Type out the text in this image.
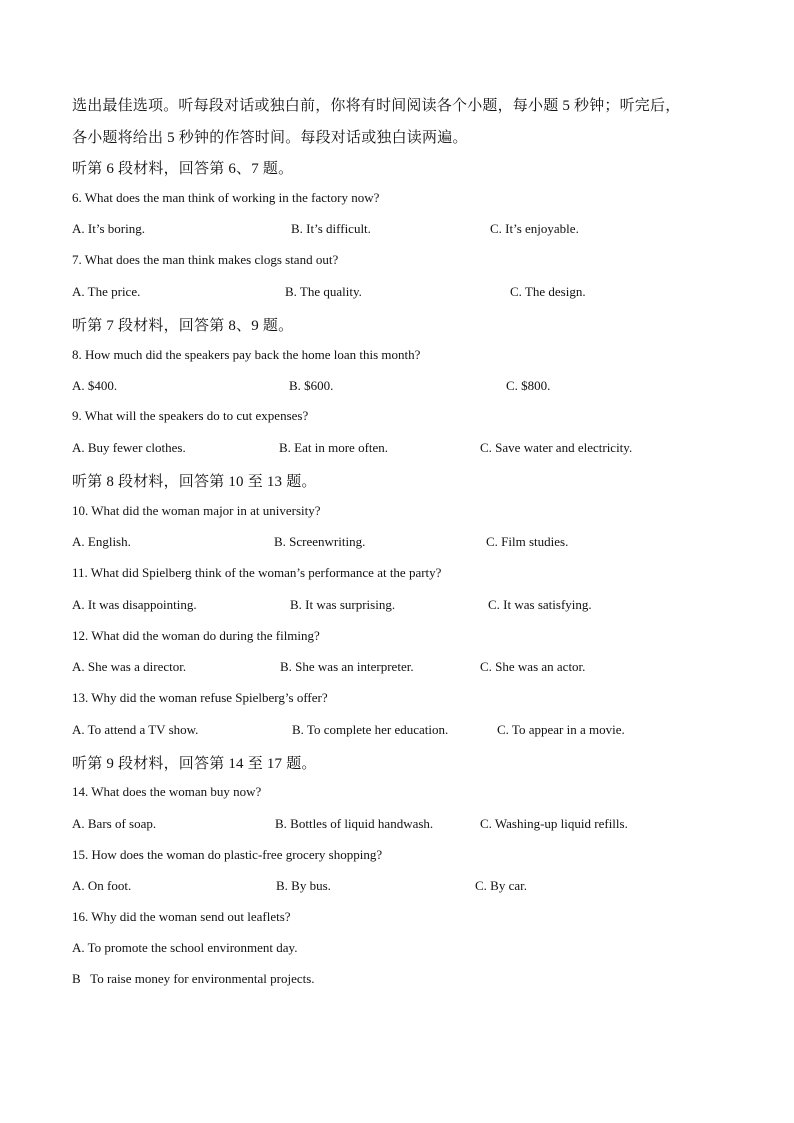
选出最佳选项。听每段对话或独白前，你将有时间阅读各个小题，每小题 5 秒钟；听完后，
各小题将给出 5 秒钟的作答时间。每段对话或独白读两遍。
听第 6 段材料，回答第 6、7 题。
6. What does the man think of working in the factory now?
A. It’s boring.	B. It’s difficult.	C. It’s enjoyable.
7. What does the man think makes clogs stand out?
A. The price.	B. The quality.	C. The design.
听第 7 段材料，回答第 8、9 题。
8. How much did the speakers pay back the home loan this month?
A. $400.	B. $600.	C. $800.
9. What will the speakers do to cut expenses?
A. Buy fewer clothes.	B. Eat in more often.	C. Save water and electricity.
听第 8 段材料，回答第 10 至 13 题。
10. What did the woman major in at university?
A. English.	B. Screenwriting.	C. Film studies.
11. What did Spielberg think of the woman’s performance at the party?
A. It was disappointing.	B. It was surprising.	C. It was satisfying.
12. What did the woman do during the filming?
A. She was a director.	B. She was an interpreter.	C. She was an actor.
13. Why did the woman refuse Spielberg’s offer?
A. To attend a TV show.	B. To complete her education.	C. To appear in a movie.
听第 9 段材料，回答第 14 至 17 题。
14. What does the woman buy now?
A. Bars of soap.	B. Bottles of liquid handwash.	C. Washing-up liquid refills.
15. How does the woman do plastic-free grocery shopping?
A. On foot.	B. By bus.	C. By car.
16. Why did the woman send out leaflets?
A. To promote the school environment day.
B   To raise money for environmental projects.
